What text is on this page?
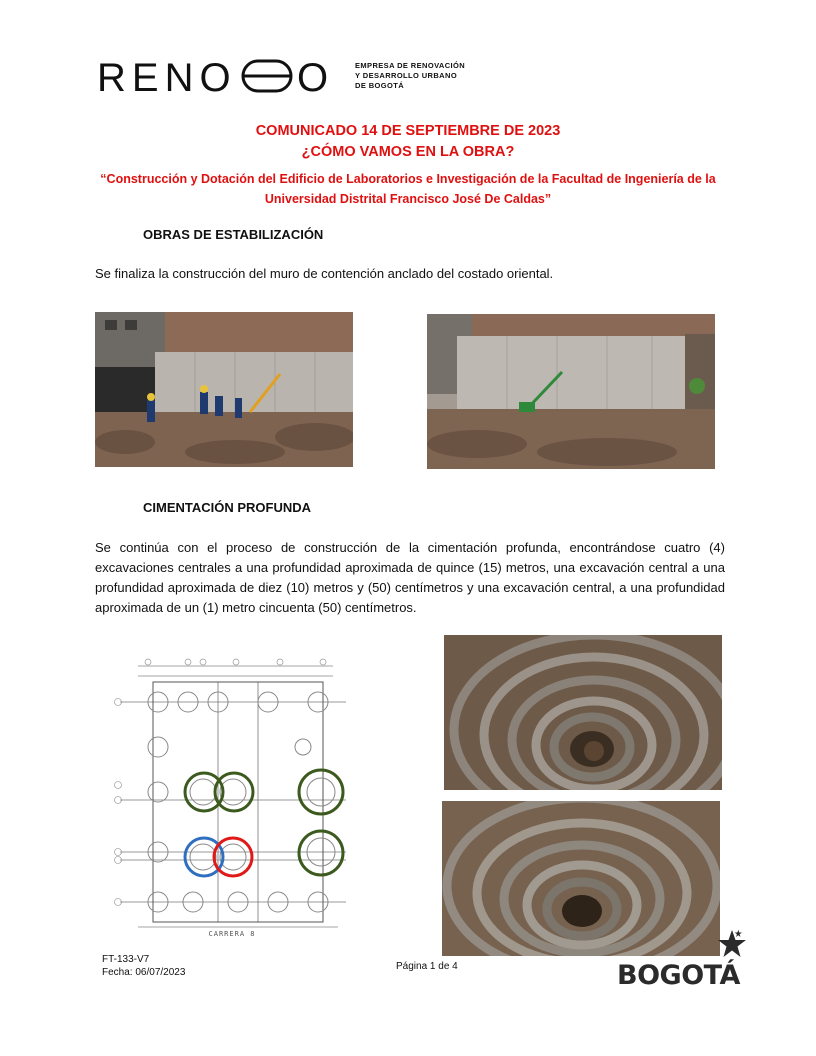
RENO O	EMPRESA DE RENOVACIÓN
Y DESARROLLO URBANO
DE BOGOTÁ
COMUNICADO 14 DE SEPTIEMBRE DE 2023
¿CÓMO VAMOS EN LA OBRA?
“Construcción y Dotación del Edificio de Laboratorios e Investigación de la Facultad de Ingeniería de la
Universidad Distrital Francisco José De Caldas”
OBRAS DE ESTABILIZACIÓN
Se finaliza la construcción del muro de contención anclado del costado oriental.
CIMENTACIÓN PROFUNDA
Se continúa con el proceso de construcción de la cimentación profunda, encontrándose cuatro (4) excavaciones centrales a una profundidad aproximada de quince (15) metros, una excavación central a una profundidad aproximada de diez (10) metros y (50) centímetros y una excavación central, a una profundidad aproximada de un (1) metro cincuenta (50) centímetros.
CARRERA 8
FT-133-V7
Fecha: 06/07/2023
Página 1 de 4	BOGOTÁ
